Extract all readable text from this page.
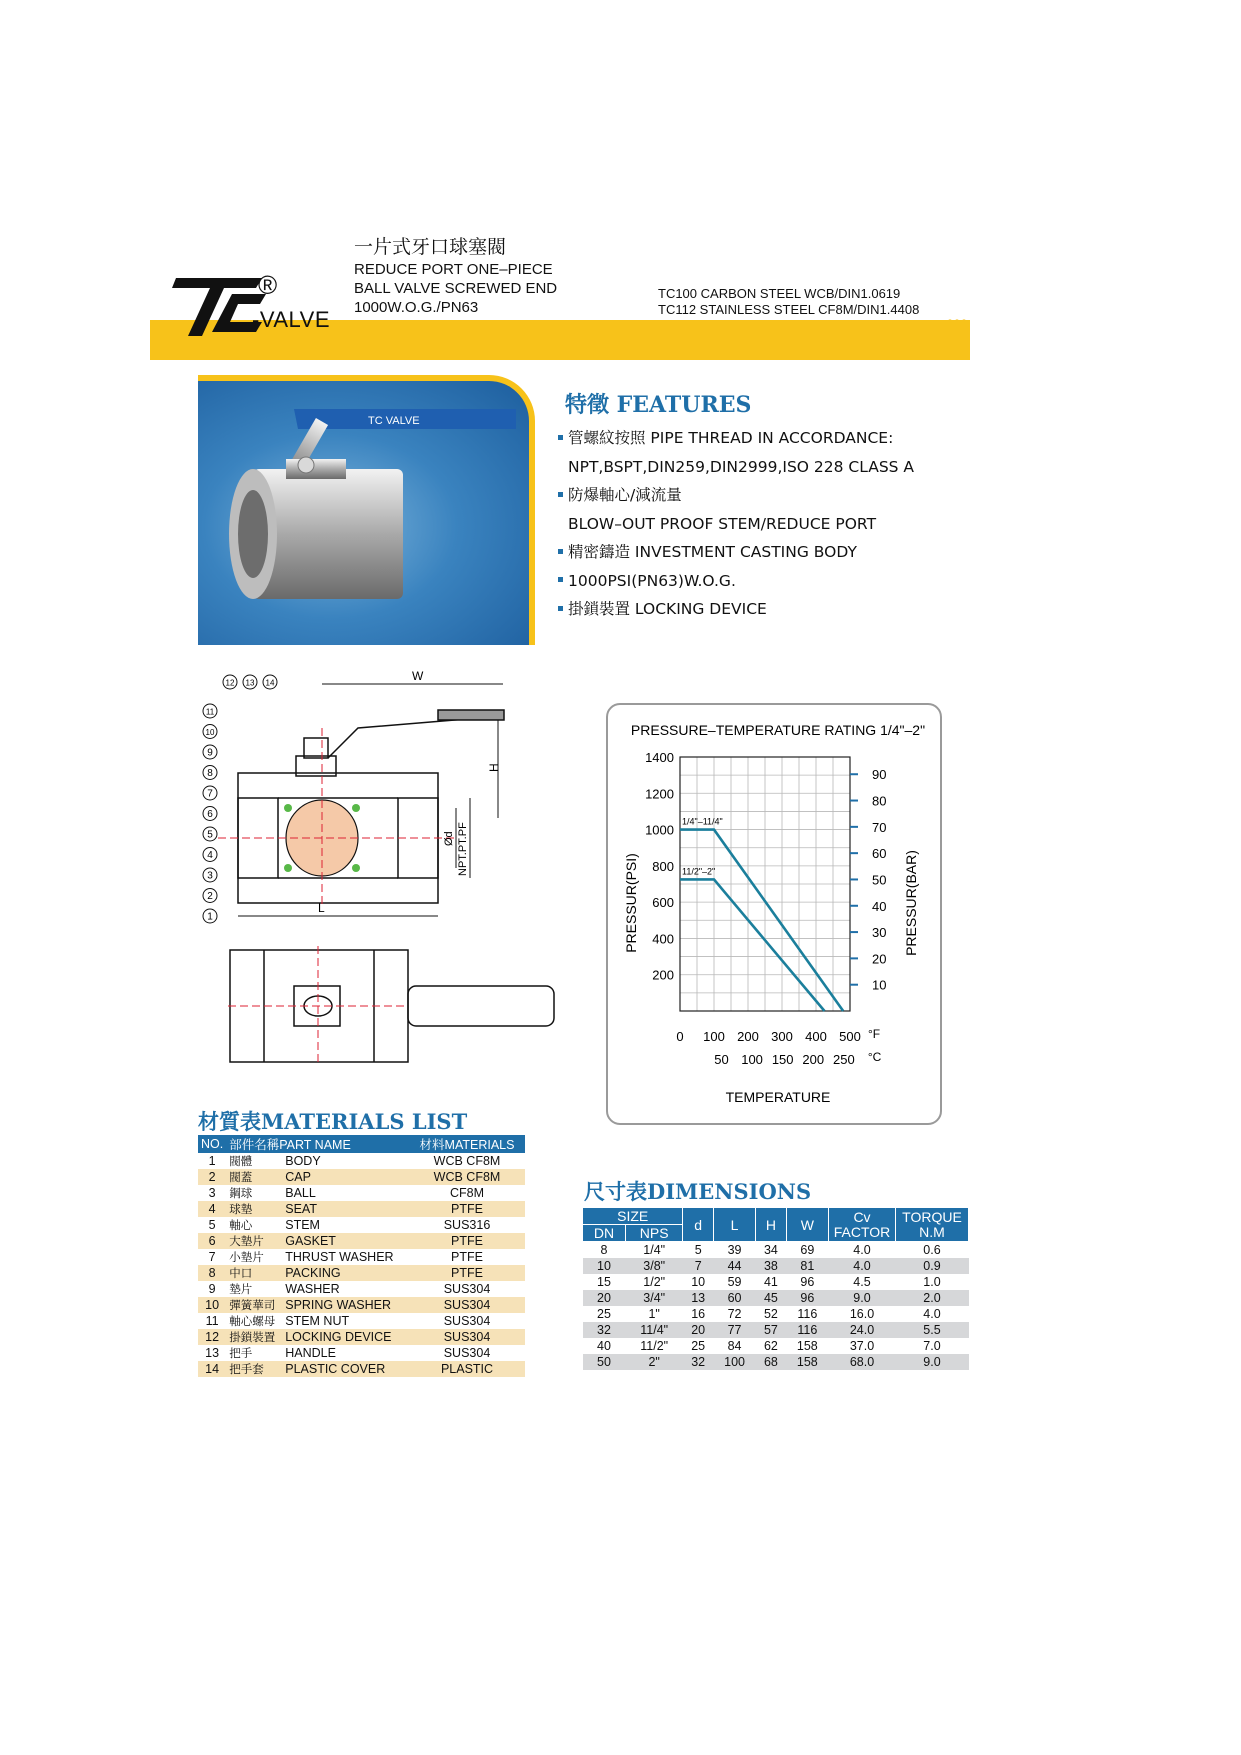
®
-VALVE
一片式牙口球塞閥
REDUCE PORT ONE–PIECE
BALL VALVE SCREWED END
1000W.O.G./PN63
TC100 CARBON STEEL WCB/DIN1.0619
TC112 STAINLESS STEEL CF8M/DIN1.4408
TC VALVE
特徵 FEATURES
管螺紋按照 PIPE THREAD IN ACCORDANCE:
NPT,BSPT,DIN259,DIN2999,ISO 228 CLASS A
防爆軸心/減流量
BLOW–OUT PROOF STEM/REDUCE PORT
精密鑄造 INVESTMENT CASTING BODY
1000PSI(PN63)W.O.G.
掛鎖裝置 LOCKING DEVICE
W
H
L
Ød NPT.PT.PF
1
2
3
4
5
6
7
8
9
10
11
12 13 14
PRESSURE–TEMPERATURE RATING 1/4"–2"
TEMPERATURE
PRESSUR(PSI)	PRESSUR(BAR)
200
400
600
800
1000
1200
1400
10
20
30
40
50
60
70
80
90
0 100 200 300 400 500 °F
50 100 150 200 250 °C
1/4"–11/4"
11/2"–2"
材質表MATERIALS LIST
NO.	部件名稱PART NAME		材料MATERIALS
1	閥體	BODY	WCB CF8M
2	閥蓋	CAP	WCB CF8M
3	鋼球	BALL	CF8M
4	球墊	SEAT	PTFE
5	軸心	STEM	SUS316
6	大墊片	GASKET	PTFE
7	小墊片	THRUST WASHER	PTFE
8	中口	PACKING	PTFE
9	墊片	WASHER	SUS304
10	彈簧華司	SPRING WASHER	SUS304
11	軸心螺母	STEM NUT	SUS304
12	掛鎖裝置	LOCKING DEVICE	SUS304
13	把手	HANDLE	SUS304
14	把手套	PLASTIC COVER	PLASTIC
尺寸表DIMENSIONS
SIZE		d	L	H	W	Cv FACTOR	TORQUE N.M
DN	NPS						
8	1/4"	5	39	34	69	4.0	0.6
10	3/8"	7	44	38	81	4.0	0.9
15	1/2"	10	59	41	96	4.5	1.0
20	3/4"	13	60	45	96	9.0	2.0
25	1"	16	72	52	116	16.0	4.0
32	11/4"	20	77	57	116	24.0	5.5
40	11/2"	25	84	62	158	37.0	7.0
50	2"	32	100	68	158	68.0	9.0
